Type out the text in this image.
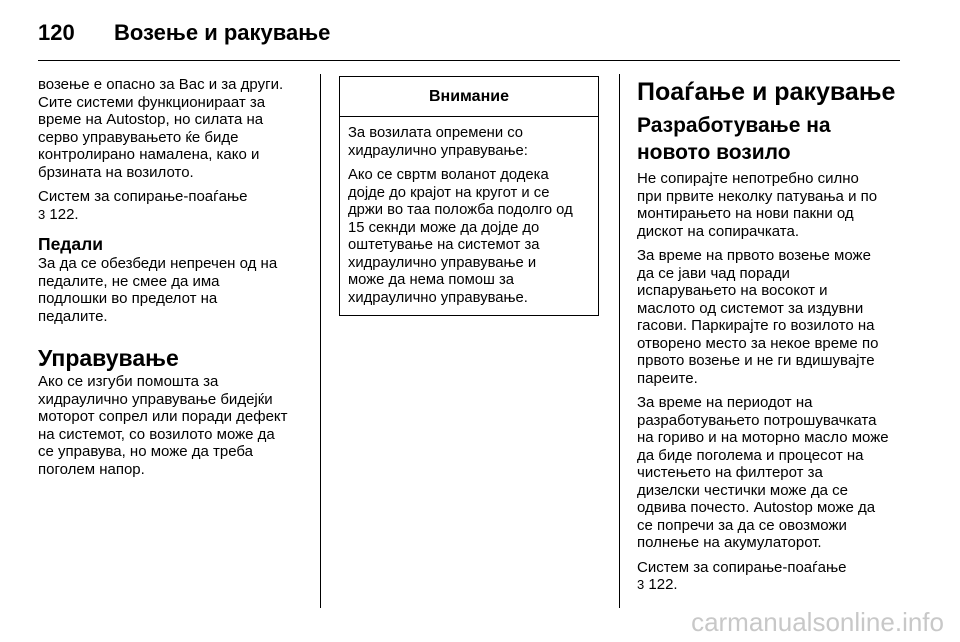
120 Возење и ракување

возење е опасно за Вас и за други.
Сите системи функционираат за
време на Autostop, но силата на
серво управувањето ќе биде
контролирано намалена, како и
брзината на возилото.

Систем за сопирање-поаѓање
3 122.

Педали

За да се обезбеди непречен од на
педалите, не смее да има
подлошки во пределот на
педалите.

Управување

Ако се изгуби помошта за
хидраулично управување бидејќи
моторот сопрел или поради дефект
на системот, со возилото може да
се управува, но може да треба
поголем напор.

Внимание

За возилата опремени со
хидраулично управување:

Ако се свртм воланот додека
дојде до крајот на кругот и се
држи во таа положба подолго од
15 секнди може да дојде до
оштетување на системот за
хидраулично управување и
може да нема помош за
хидраулично управување.

Поаѓање и ракување
Разработување на
новото возило

Не сопирајте непотребно силно
при првите неколку патувања и по
монтирањето на нови пакни од
дискот на сопирачката.

За време на првото возење може
да се јави чад поради
испарувањето на восокот и
маслото од системот за издувни
гасови. Паркирајте го возилото на
отворено место за некое време по
првото возење и не ги вдишувајте
пареите.

За време на периодот на
разработувањето потрошувачката
на гориво и на моторно масло може
да биде поголема и процесот на
чистењето на филтерот за
дизелски честички може да се
одвива почесто. Autostop може да
се попречи за да се овозможи
полнење на акумулаторот.

Систем за сопирање-поаѓање
3 122.

carmanualsonline.info
